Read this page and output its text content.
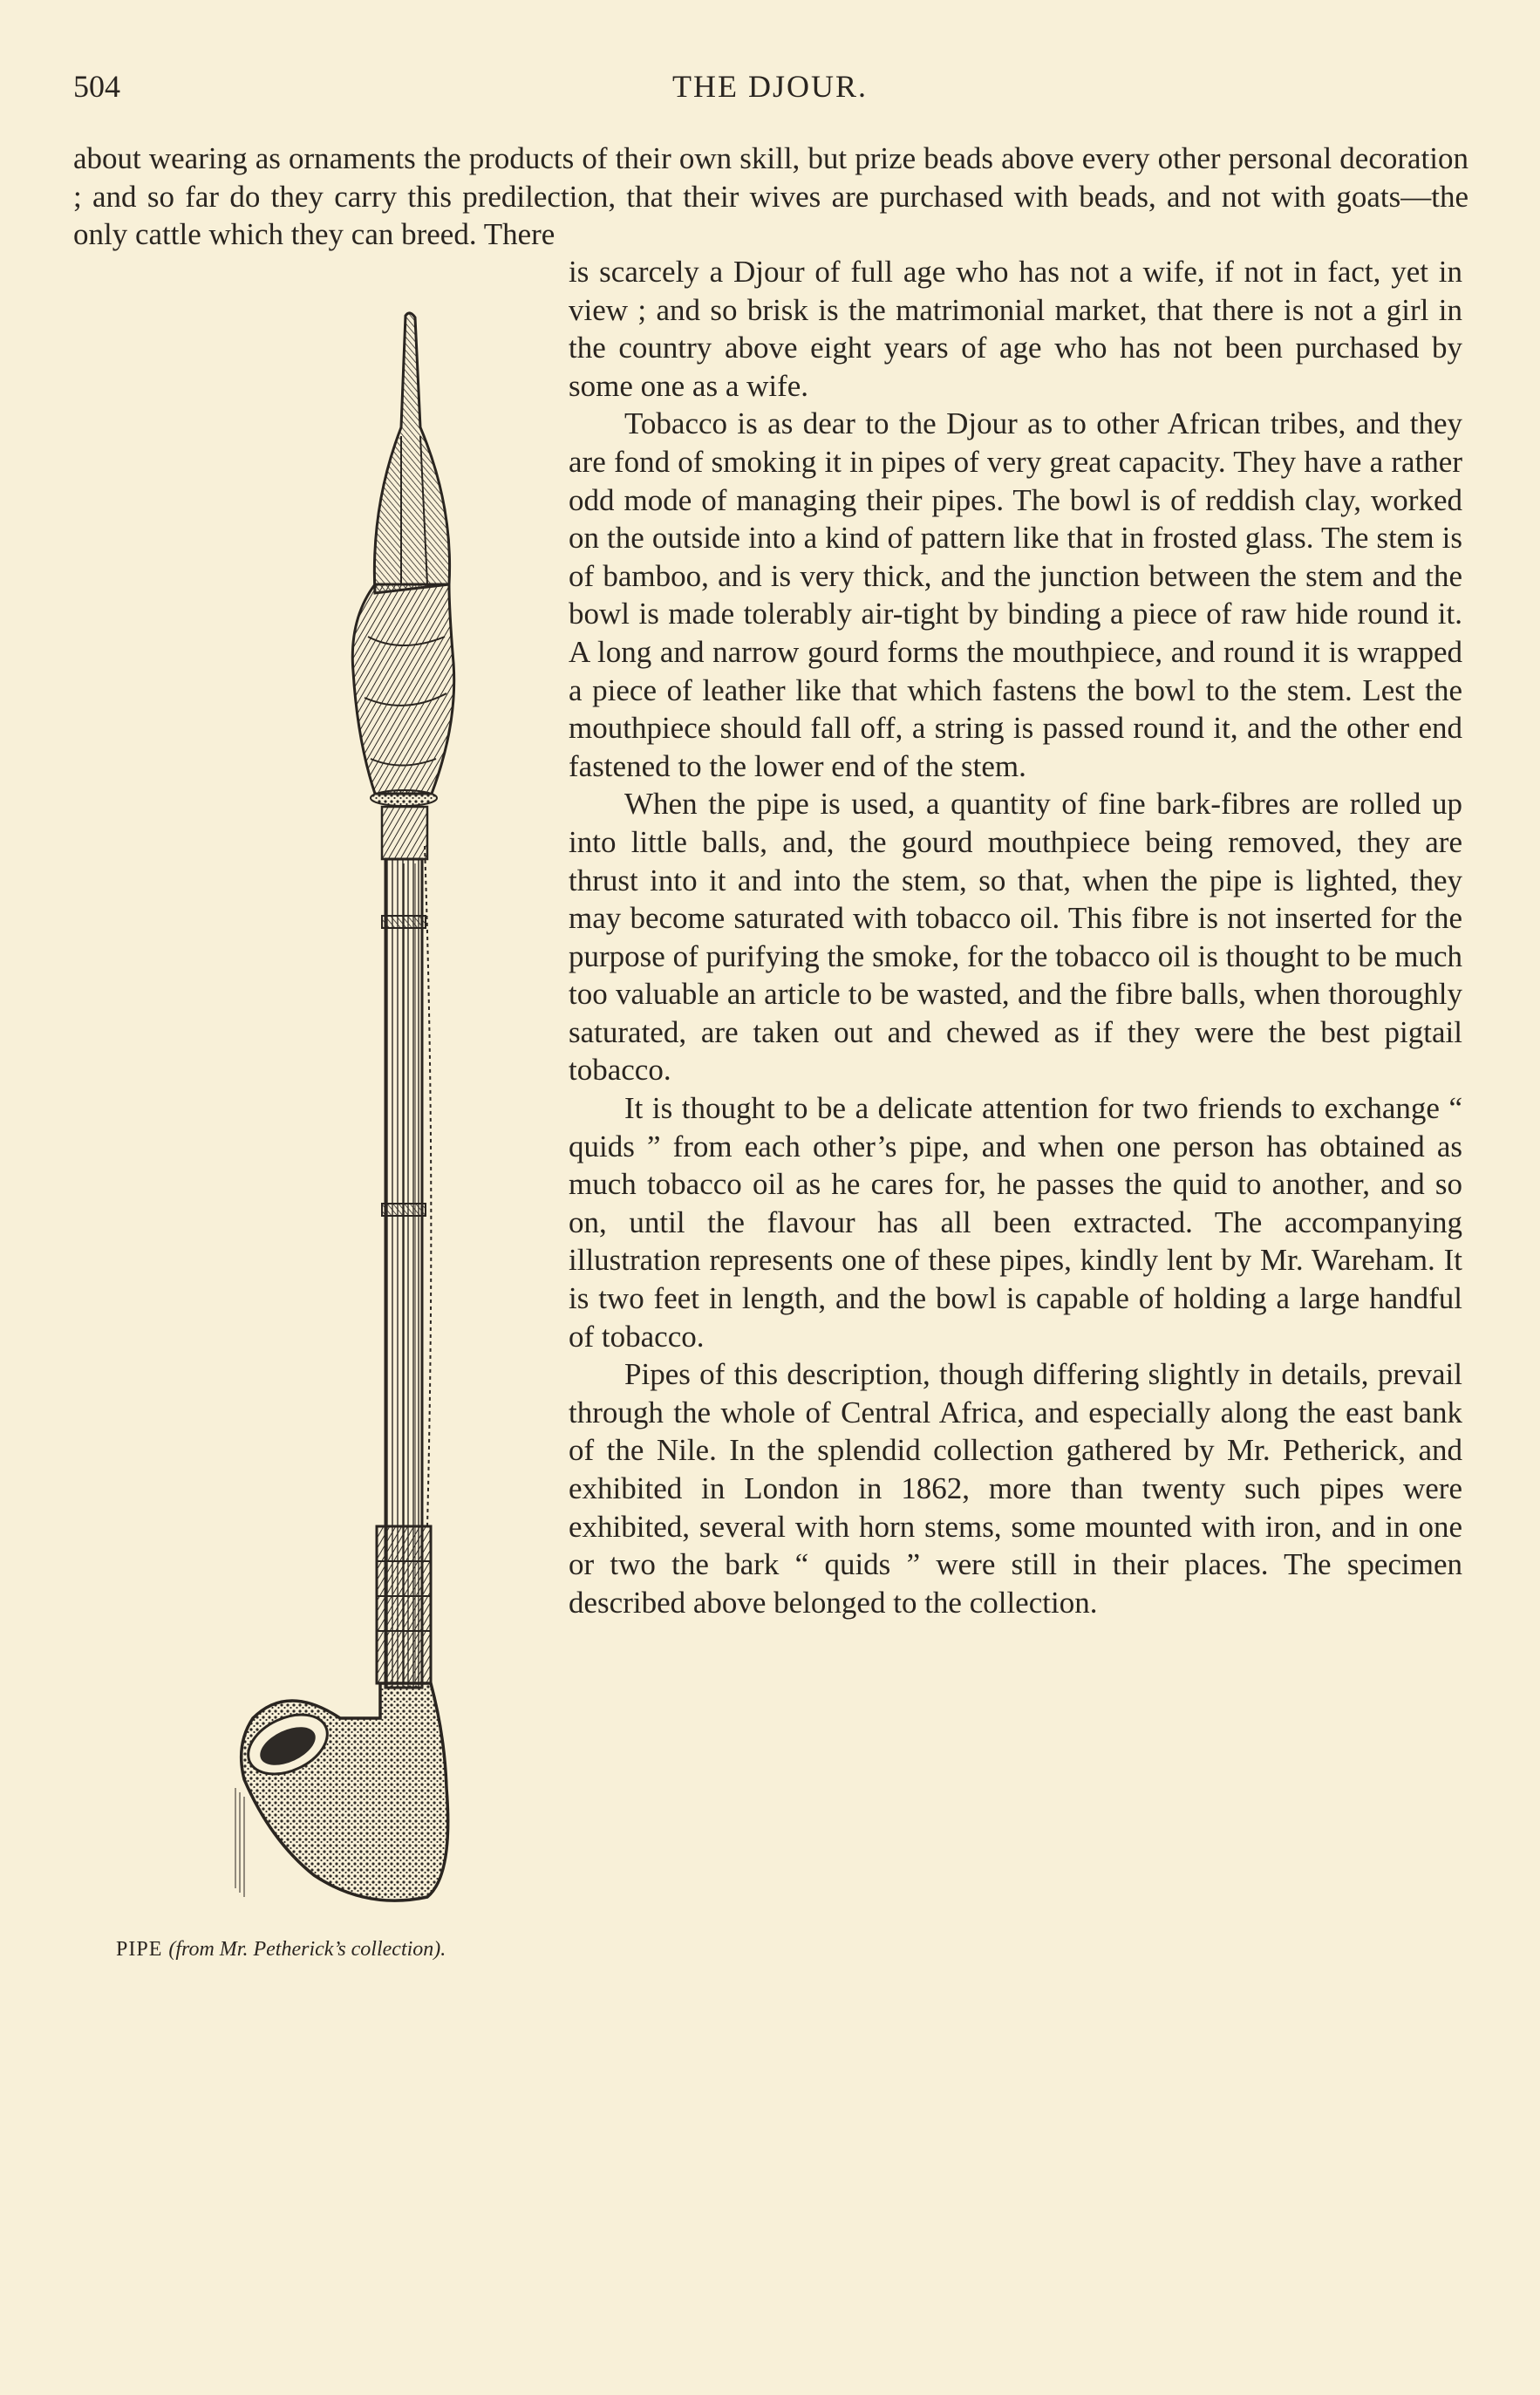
504	THE DJOUR.

about wearing as ornaments the products of their own skill, but prize beads above every other personal decoration ; and so far do they carry this predilection, that their wives are purchased with beads, and not with goats—the only cattle which they can breed. There

PIPE (from Mr. Petherick’s collection).

is scarcely a Djour of full age who has not a wife, if not in fact, yet in view ; and so brisk is the matrimonial market, that there is not a girl in the country above eight years of age who has not been purchased by some one as a wife.

Tobacco is as dear to the Djour as to other African tribes, and they are fond of smoking it in pipes of very great capacity. They have a rather odd mode of managing their pipes. The bowl is of reddish clay, worked on the outside into a kind of pattern like that in frosted glass. The stem is of bamboo, and is very thick, and the junction between the stem and the bowl is made tolerably air-tight by binding a piece of raw hide round it. A long and narrow gourd forms the mouthpiece, and round it is wrapped a piece of leather like that which fastens the bowl to the stem. Lest the mouthpiece should fall off, a string is passed round it, and the other end fastened to the lower end of the stem.

When the pipe is used, a quantity of fine bark-fibres are rolled up into little balls, and, the gourd mouthpiece being removed, they are thrust into it and into the stem, so that, when the pipe is lighted, they may become saturated with tobacco oil. This fibre is not inserted for the purpose of purifying the smoke, for the tobacco oil is thought to be much too valuable an article to be wasted, and the fibre balls, when thoroughly saturated, are taken out and chewed as if they were the best pigtail tobacco.

It is thought to be a delicate attention for two friends to exchange “ quids ” from each other’s pipe, and when one person has obtained as much tobacco oil as he cares for, he passes the quid to another, and so on, until the flavour has all been extracted. The accompanying illustration represents one of these pipes, kindly lent by Mr. Wareham. It is two feet in length, and the bowl is capable of holding a large handful of tobacco.

Pipes of this description, though differing slightly in details, prevail through the whole of Central Africa, and especially along the east bank of the Nile. In the splendid collection gathered by Mr. Petherick, and exhibited in London in 1862, more than twenty such pipes were exhibited, several with horn stems, some mounted with iron, and in one or two the bark “ quids ” were still in their places. The specimen described above belonged to the collection.
